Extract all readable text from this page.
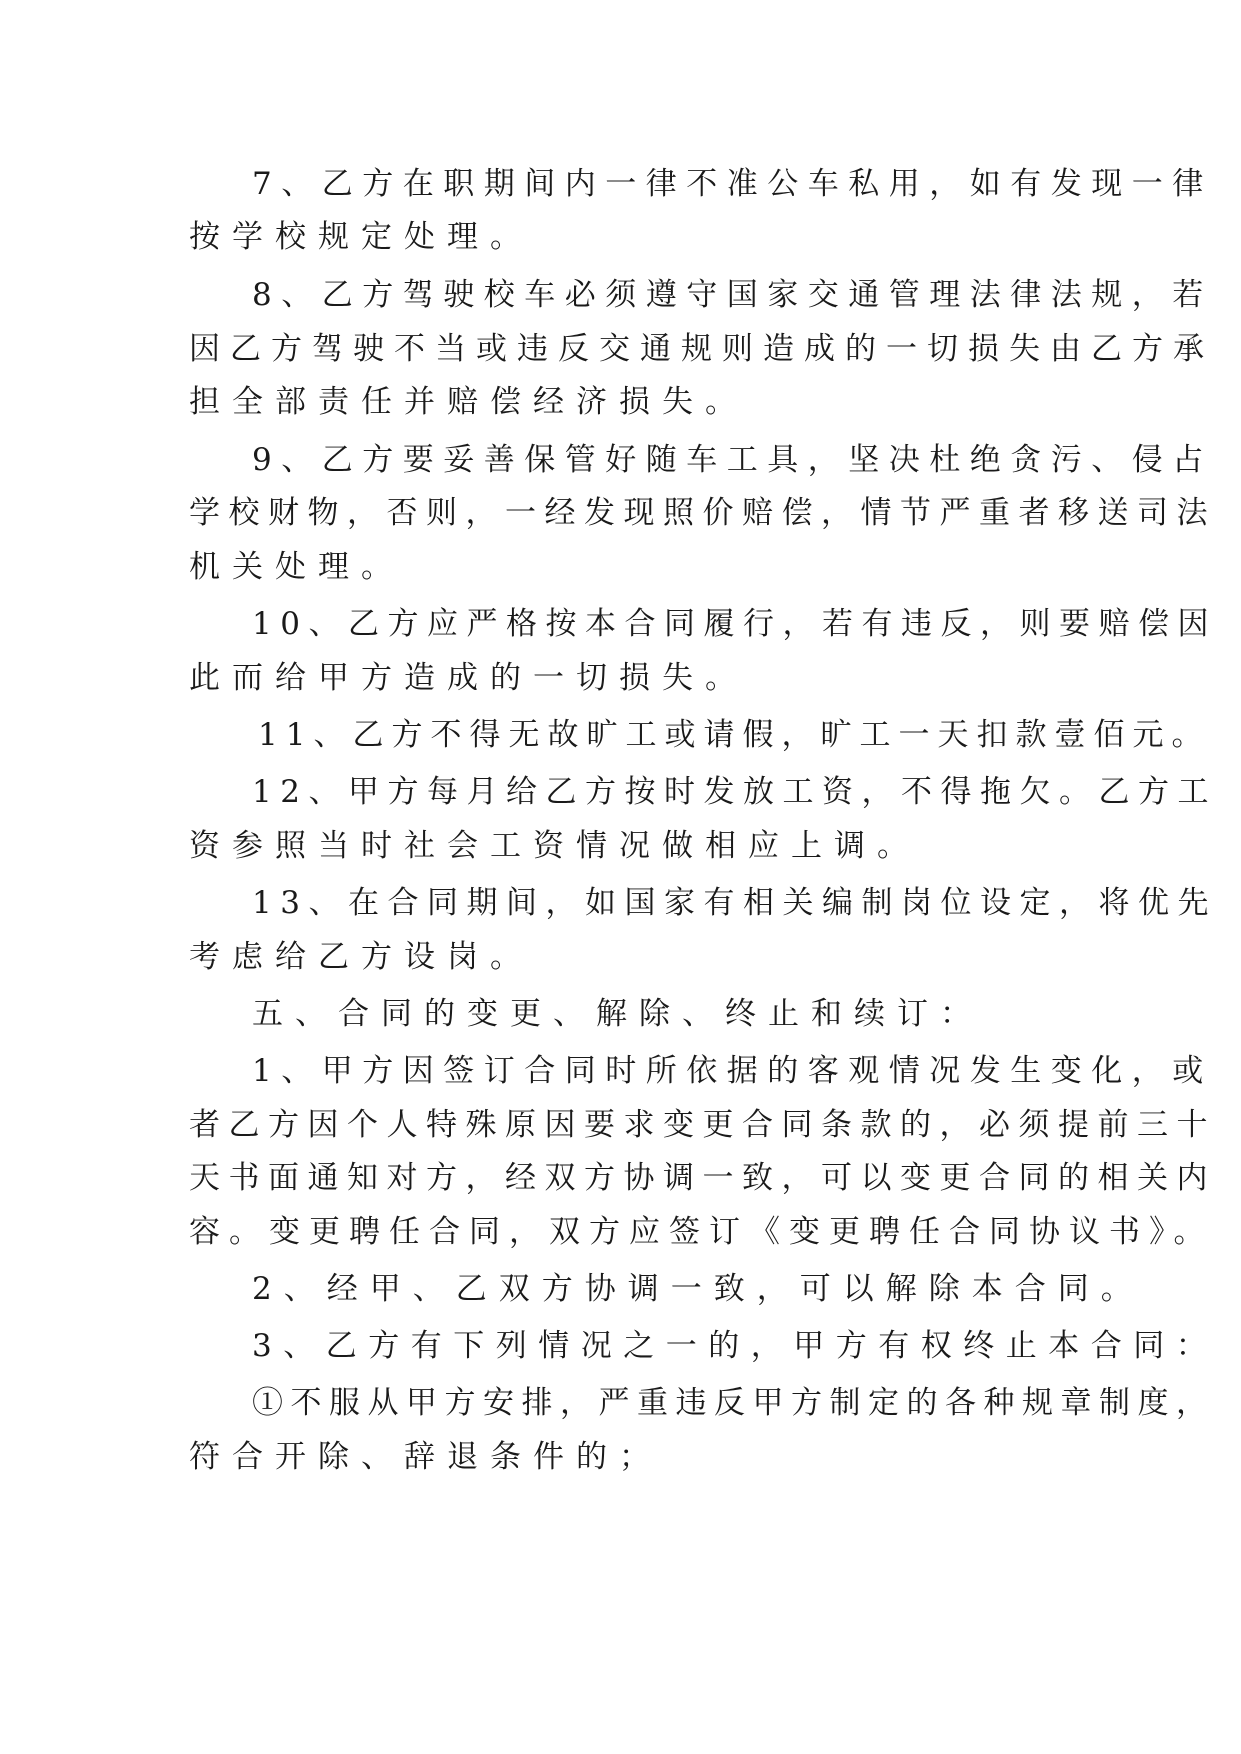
7、乙方在职期间内一律不准公车私用，如有发现一律
按学校规定处理。
8、乙方驾驶校车必须遵守国家交通管理法律法规，若
因乙方驾驶不当或违反交通规则造成的一切损失由乙方承
担全部责任并赔偿经济损失。
9、乙方要妥善保管好随车工具，坚决杜绝贪污、侵占
学校财物，否则，一经发现照价赔偿，情节严重者移送司法
机关处理。
10、乙方应严格按本合同履行，若有违反，则要赔偿因
此而给甲方造成的一切损失。
11、乙方不得无故旷工或请假，旷工一天扣款壹佰元。
12、甲方每月给乙方按时发放工资，不得拖欠。乙方工
资参照当时社会工资情况做相应上调。
13、在合同期间，如国家有相关编制岗位设定，将优先
考虑给乙方设岗。
五、合同的变更、解除、终止和续订：
1、甲方因签订合同时所依据的客观情况发生变化，或
者乙方因个人特殊原因要求变更合同条款的，必须提前三十
天书面通知对方，经双方协调一致，可以变更合同的相关内
容。变更聘任合同，双方应签订《变更聘任合同协议书》。
2、经甲、乙双方协调一致，可以解除本合同。
3、乙方有下列情况之一的，甲方有权终止本合同：
①不服从甲方安排，严重违反甲方制定的各种规章制度，
符合开除、辞退条件的；
